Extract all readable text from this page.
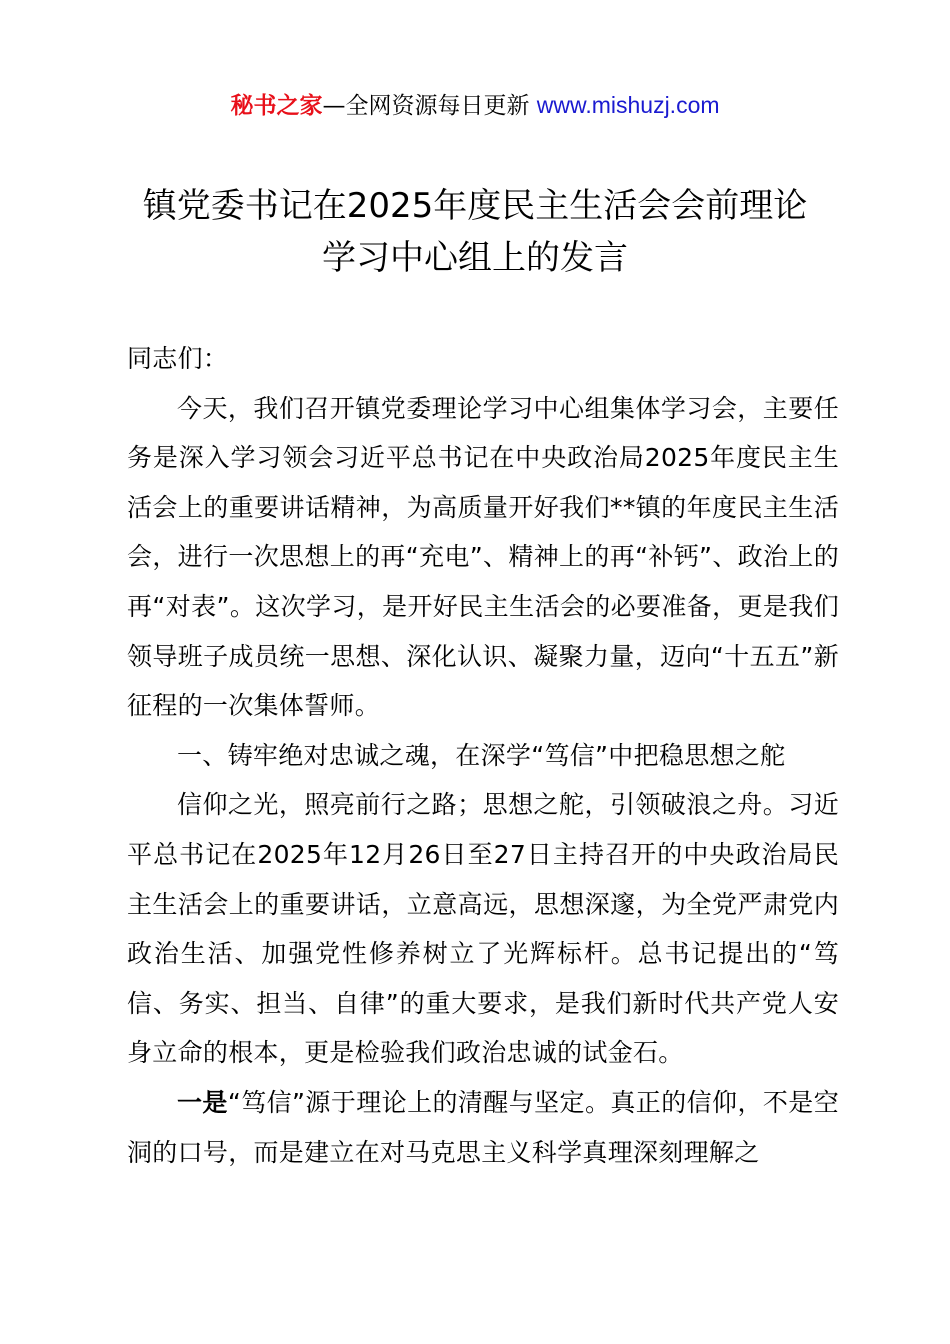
秘书之家—全网资源每日更新 www.mishuzj.com
镇党委书记在2025年度民主生活会会前理论
学习中心组上的发言

同志们：

今天，我们召开镇党委理论学习中心组集体学习会，主要任务是深入学习领会习近平总书记在中央政治局2025年度民主生活会上的重要讲话精神，为高质量开好我们**镇的年度民主生活会，进行一次思想上的再“充电”、精神上的再“补钙”、政治上的再“对表”。这次学习，是开好民主生活会的必要准备，更是我们领导班子成员统一思想、深化认识、凝聚力量，迈向“十五五”新征程的一次集体誓师。

一、铸牢绝对忠诚之魂，在深学“笃信”中把稳思想之舵

信仰之光，照亮前行之路；思想之舵，引领破浪之舟。习近平总书记在2025年12月26日至27日主持召开的中央政治局民主生活会上的重要讲话，立意高远，思想深邃，为全党严肃党内政治生活、加强党性修养树立了光辉标杆。总书记提出的“笃信、务实、担当、自律”的重大要求，是我们新时代共产党人安身立命的根本，更是检验我们政治忠诚的试金石。

一是“笃信”源于理论上的清醒与坚定。真正的信仰，不是空洞的口号，而是建立在对马克思主义科学真理深刻理解之
